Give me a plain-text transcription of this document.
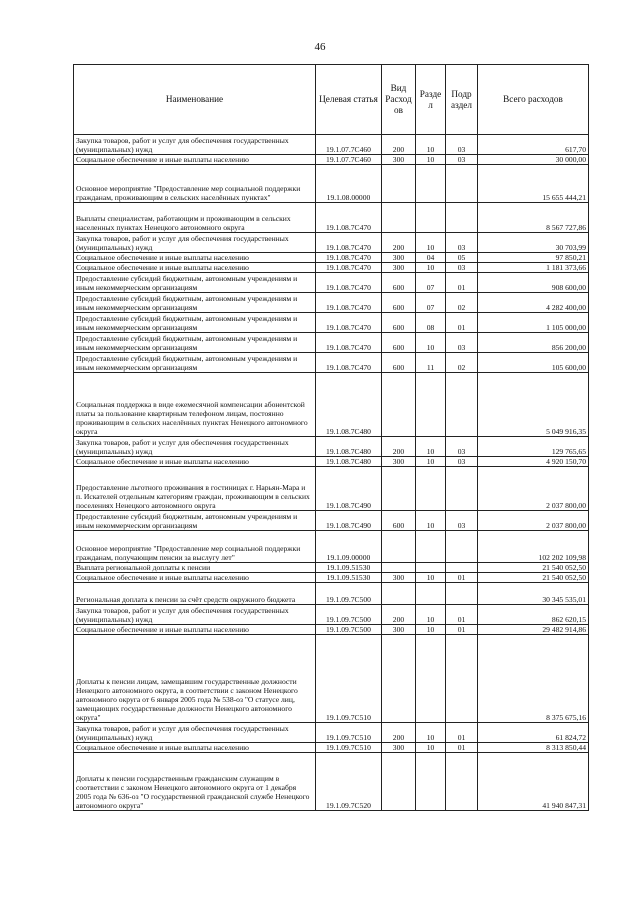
46
Наименование	Целевая статья	Вид Расход ов	Разде л	Подр аздел	Всего расходов
Закупка товаров, работ и услуг для обеспечения государственных (муниципальных) нужд	19.1.07.7С460	200	10	03	617,70
Социальное обеспечение и иные выплаты населению	19.1.07.7С460	300	10	03	30 000,00
Основное мероприятие "Предоставление мер социальной поддержки гражданам, проживающим в сельских населённых пунктах"	19.1.08.00000				15 655 444,21
Выплаты специалистам, работающим и проживающим в сельских населенных пунктах Ненецкого автономного округа	19.1.08.7С470				8 567 727,86
Закупка товаров, работ и услуг для обеспечения государственных (муниципальных) нужд	19.1.08.7С470	200	10	03	30 703,99
Социальное обеспечение и иные выплаты населению	19.1.08.7С470	300	04	05	97 850,21
Социальное обеспечение и иные выплаты населению	19.1.08.7С470	300	10	03	1 181 373,66
Предоставление субсидий бюджетным, автономным учреждениям и иным некоммерческим организациям	19.1.08.7С470	600	07	01	908 600,00
Предоставление субсидий бюджетным, автономным учреждениям и иным некоммерческим организациям	19.1.08.7С470	600	07	02	4 282 400,00
Предоставление субсидий бюджетным, автономным учреждениям и иным некоммерческим организациям	19.1.08.7С470	600	08	01	1 105 000,00
Предоставление субсидий бюджетным, автономным учреждениям и иным некоммерческим организациям	19.1.08.7С470	600	10	03	856 200,00
Предоставление субсидий бюджетным, автономным учреждениям и иным некоммерческим организациям	19.1.08.7С470	600	11	02	105 600,00
Социальная поддержка в виде ежемесячной компенсации абонентской платы за пользование квартирным телефоном лицам, постоянно проживающим в сельских населённых пунктах Ненецкого автономного округа	19.1.08.7С480				5 049 916,35
Закупка товаров, работ и услуг для обеспечения государственных (муниципальных) нужд	19.1.08.7С480	200	10	03	129 765,65
Социальное обеспечение и иные выплаты населению	19.1.08.7С480	300	10	03	4 920 150,70
Предоставление льготного проживания в гостиницах г. Нарьян-Мара и п. Искателей отдельным категориям граждан, проживающим в сельских поселениях Ненецкого автономного округа	19.1.08.7С490				2 037 800,00
Предоставление субсидий бюджетным, автономным учреждениям и иным некоммерческим организациям	19.1.08.7С490	600	10	03	2 037 800,00
Основное мероприятие "Предоставление мер социальной поддержки гражданам, получающим пенсии за выслугу лет"	19.1.09.00000				102 202 109,98
Выплата региональной доплаты к пенсии	19.1.09.51530				21 540 052,50
Социальное обеспечение и иные выплаты населению	19.1.09.51530	300	10	01	21 540 052,50
Региональная доплата к пенсии за счёт средств окружного бюджета	19.1.09.7С500				30 345 535,01
Закупка товаров, работ и услуг для обеспечения государственных (муниципальных) нужд	19.1.09.7С500	200	10	01	862 620,15
Социальное обеспечение и иные выплаты населению	19.1.09.7С500	300	10	01	29 482 914,86
Доплаты к пенсии лицам, замещавшим государственные должности Ненецкого автономного округа, в соответствии с законом Ненецкого автономного округа от 6 января 2005 года № 538-оз "О статусе лиц, замещающих государственные должности Ненецкого автономного округа"	19.1.09.7С510				8 375 675,16
Закупка товаров, работ и услуг для обеспечения государственных (муниципальных) нужд	19.1.09.7С510	200	10	01	61 824,72
Социальное обеспечение и иные выплаты населению	19.1.09.7С510	300	10	01	8 313 850,44
Доплаты к пенсии государственным гражданским служащим в соответствии с законом Ненецкого автономного округа от 1 декабря 2005 года № 636-оз "О государственной гражданской службе Ненецкого автономного округа"	19.1.09.7С520				41 940 847,31
